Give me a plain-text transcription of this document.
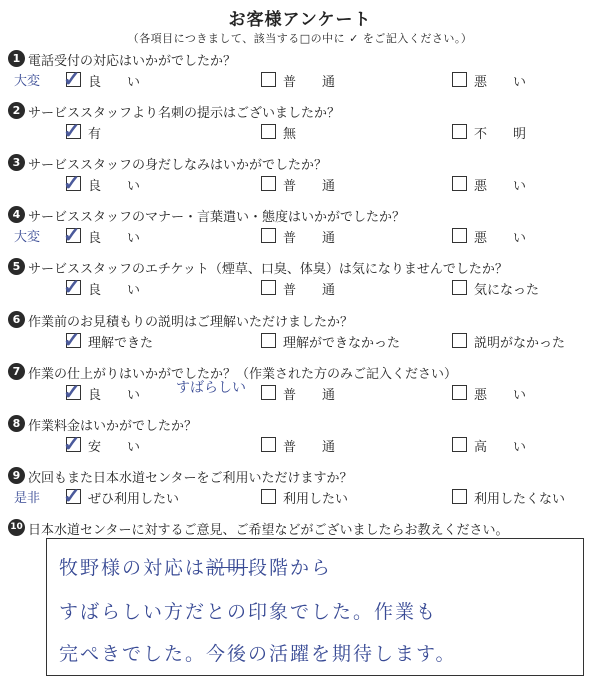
お客様アンケート
（各項目につきまして、該当する□の中に ✓ をご記入ください。）
1 電話受付の対応はいかがでしたか？
大変 ✓ 良　　い	普　　通	悪　　い
2 サービススタッフより名刺の提示はございましたか？
✓ 有	無	不　　明
3 サービススタッフの身だしなみはいかがでしたか？
✓ 良　　い	普　　通	悪　　い
4 サービススタッフのマナー・言葉遣い・態度はいかがでしたか？
大変 ✓ 良　　い	普　　通	悪　　い
5 サービススタッフのエチケット（煙草、口臭、体臭）は気になりませんでしたか？
✓ 良　　い	普　　通	気になった
6 作業前のお見積もりの説明はご理解いただけましたか？
✓ 理解できた	理解ができなかった	説明がなかった
7 作業の仕上がりはいかがでしたか？（作業された方のみご記入ください）
✓ 良　　い	普　　通	悪　　い
すばらしい
8 作業料金はいかがでしたか？
✓ 安　　い	普　　通	高　　い
9 次回もまた日本水道センターをご利用いただけますか？
是非 ✓ ぜひ利用したい	利用したい	利用したくない
10 日本水道センターに対するご意見、ご希望などがございましたらお教えください。
牧野様の対応は説明段階から
すばらしい方だとの印象でした。作業も
完ぺきでした。今後の活躍を期待します。
